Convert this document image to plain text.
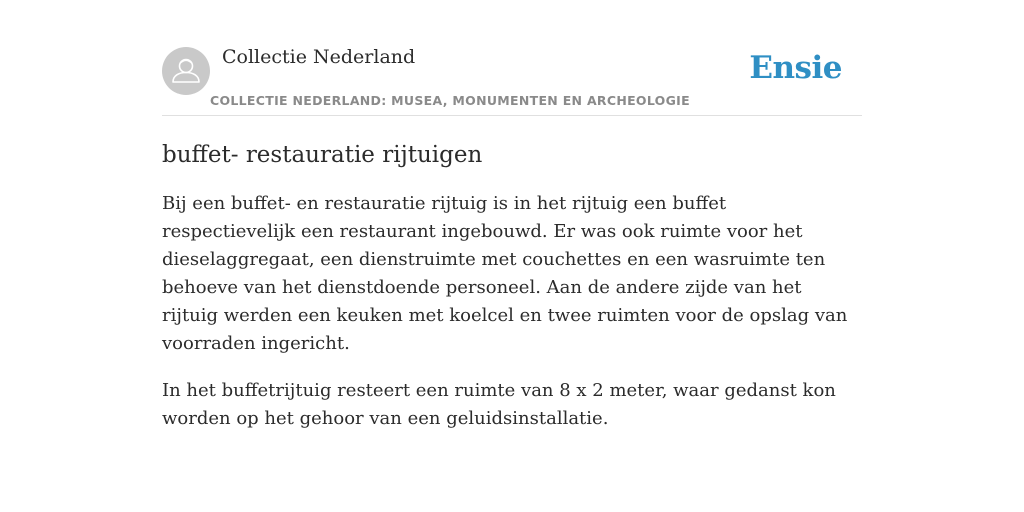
Collectie Nederland
COLLECTIE NEDERLAND: MUSEA, MONUMENTEN EN ARCHEOLOGIE
Ensie
buffet- restauratie rijtuigen

Bij een buffet- en restauratie rijtuig is in het rijtuig een buffet respectievelijk een restaurant ingebouwd. Er was ook ruimte voor het dieselaggregaat, een dienstruimte met couchettes en een wasruimte ten behoeve van het dienstdoende personeel. Aan de andere zijde van het rijtuig werden een keuken met koelcel en twee ruimten voor de opslag van voorraden ingericht.

In het buffetrijtuig resteert een ruimte van 8 x 2 meter, waar gedanst kon worden op het gehoor van een geluidsinstallatie.
